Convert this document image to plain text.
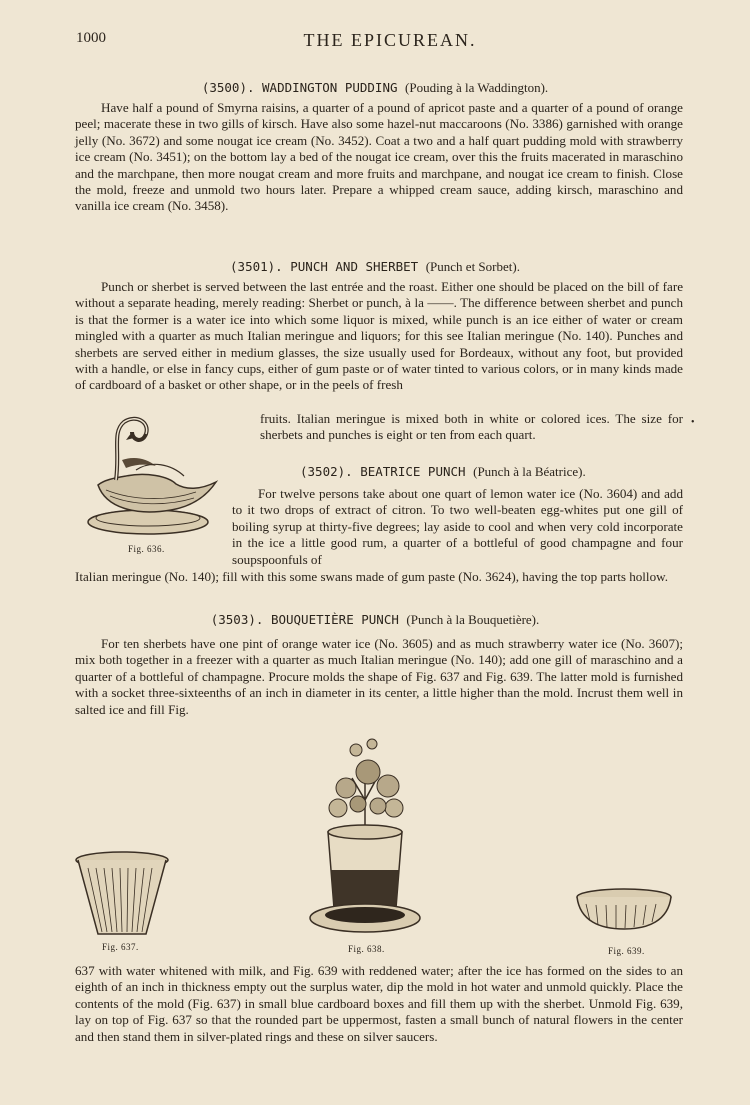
1000	THE EPICUREAN.
(3500). WADDINGTON PUDDING (Pouding à la Waddington).
Have half a pound of Smyrna raisins, a quarter of a pound of apricot paste and a quarter of a pound of orange peel; macerate these in two gills of kirsch. Have also some hazel-nut maccaroons (No. 3386) garnished with orange jelly (No. 3672) and some nougat ice cream (No. 3452). Coat a two and a half quart pudding mold with strawberry ice cream (No. 3451); on the bottom lay a bed of the nougat ice cream, over this the fruits macerated in maraschino and the marchpane, then more nougat cream and more fruits and marchpane, and nougat ice cream to finish. Close the mold, freeze and unmold two hours later. Prepare a whipped cream sauce, adding kirsch, maraschino and vanilla ice cream (No. 3458).
(3501). PUNCH AND SHERBET (Punch et Sorbet).
Punch or sherbet is served between the last entrée and the roast. Either one should be placed on the bill of fare without a separate heading, merely reading: Sherbet or punch, à la ——. The difference between sherbet and punch is that the former is a water ice into which some liquor is mixed, while punch is an ice either of water or cream mingled with a quarter as much Italian meringue and liquors; for this see Italian meringue (No. 140). Punches and sherbets are served either in medium glasses, the size usually used for Bordeaux, without any foot, but provided with a handle, or else in fancy cups, either of gum paste or of water tinted to various colors, or in many kinds made of cardboard of a basket or other shape, or in the peels of fresh
fruits. Italian meringue is mixed both in white or colored ices. The size for sherbets and punches is eight or ten from each quart.
•
Fig. 636.
(3502). BEATRICE PUNCH (Punch à la Béatrice).
For twelve persons take about one quart of lemon water ice (No. 3604) and add to it two drops of extract of citron. To two well-beaten egg-whites put one gill of boiling syrup at thirty-five degrees; lay aside to cool and when very cold incorporate in the ice a little good rum, a quarter of a bottleful of good champagne and four soupspoonfuls of
Italian meringue (No. 140); fill with this some swans made of gum paste (No. 3624), having the top parts hollow.
(3503). BOUQUETIÈRE PUNCH (Punch à la Bouquetière).
For ten sherbets have one pint of orange water ice (No. 3605) and as much strawberry water ice (No. 3607); mix both together in a freezer with a quarter as much Italian meringue (No. 140); add one gill of maraschino and a quarter of a bottleful of champagne. Procure molds the shape of Fig. 637 and Fig. 639. The latter mold is furnished with a socket three-sixteenths of an inch in diameter in its center, a little higher than the mold. Incrust them well in salted ice and fill Fig.
Fig. 637.	Fig. 638.	Fig. 639.
637 with water whitened with milk, and Fig. 639 with reddened water; after the ice has formed on the sides to an eighth of an inch in thickness empty out the surplus water, dip the mold in hot water and unmold quickly. Place the contents of the mold (Fig. 637) in small blue cardboard boxes and fill them up with the sherbet. Unmold Fig. 639, lay on top of Fig. 637 so that the rounded part be uppermost, fasten a small bunch of natural flowers in the center and then stand them in silver-plated rings and these on silver saucers.
